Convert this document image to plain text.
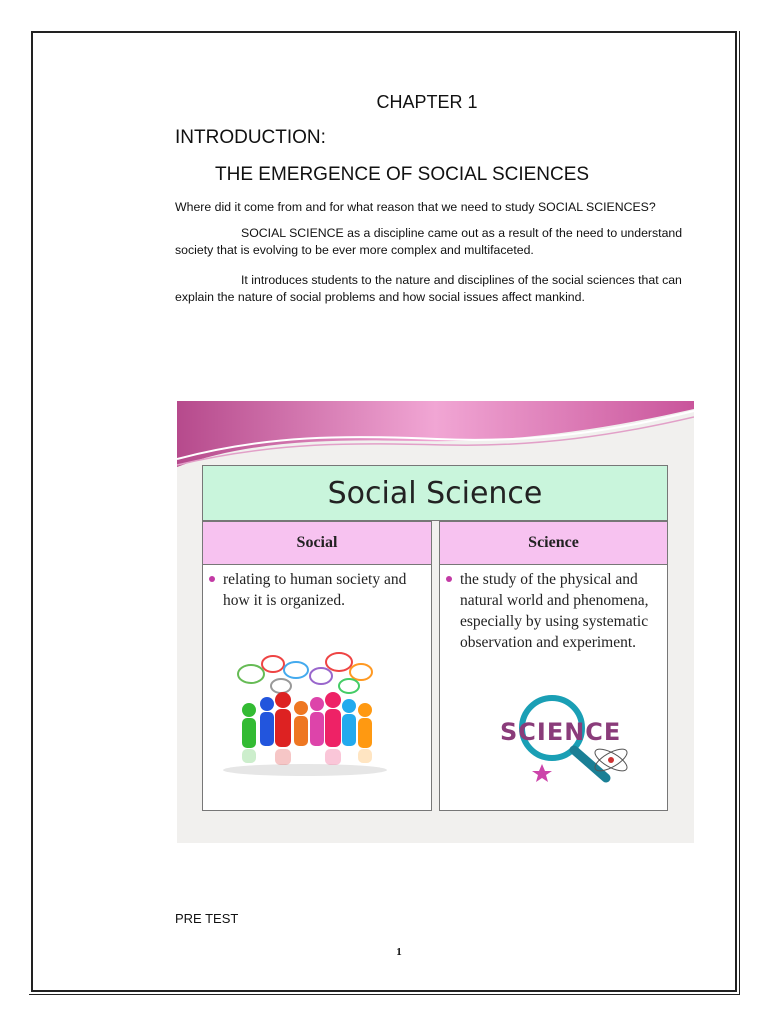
CHAPTER 1
INTRODUCTION:
THE EMERGENCE OF SOCIAL SCIENCES
Where did it come from and for what reason that we need to study SOCIAL SCIENCES?
SOCIAL SCIENCE as a discipline came out as a result of the need to understand society that is evolving to be ever more complex and multifaceted.
It introduces students to the nature and disciplines of the social sciences that can explain the nature of social problems and how social issues affect mankind.
Social Science
Social
relating to human society and how it is organized.
Science
the study of the physical and natural world and phenomena, especially by using systematic observation and experiment.
SCIENCE
PRE TEST
1
